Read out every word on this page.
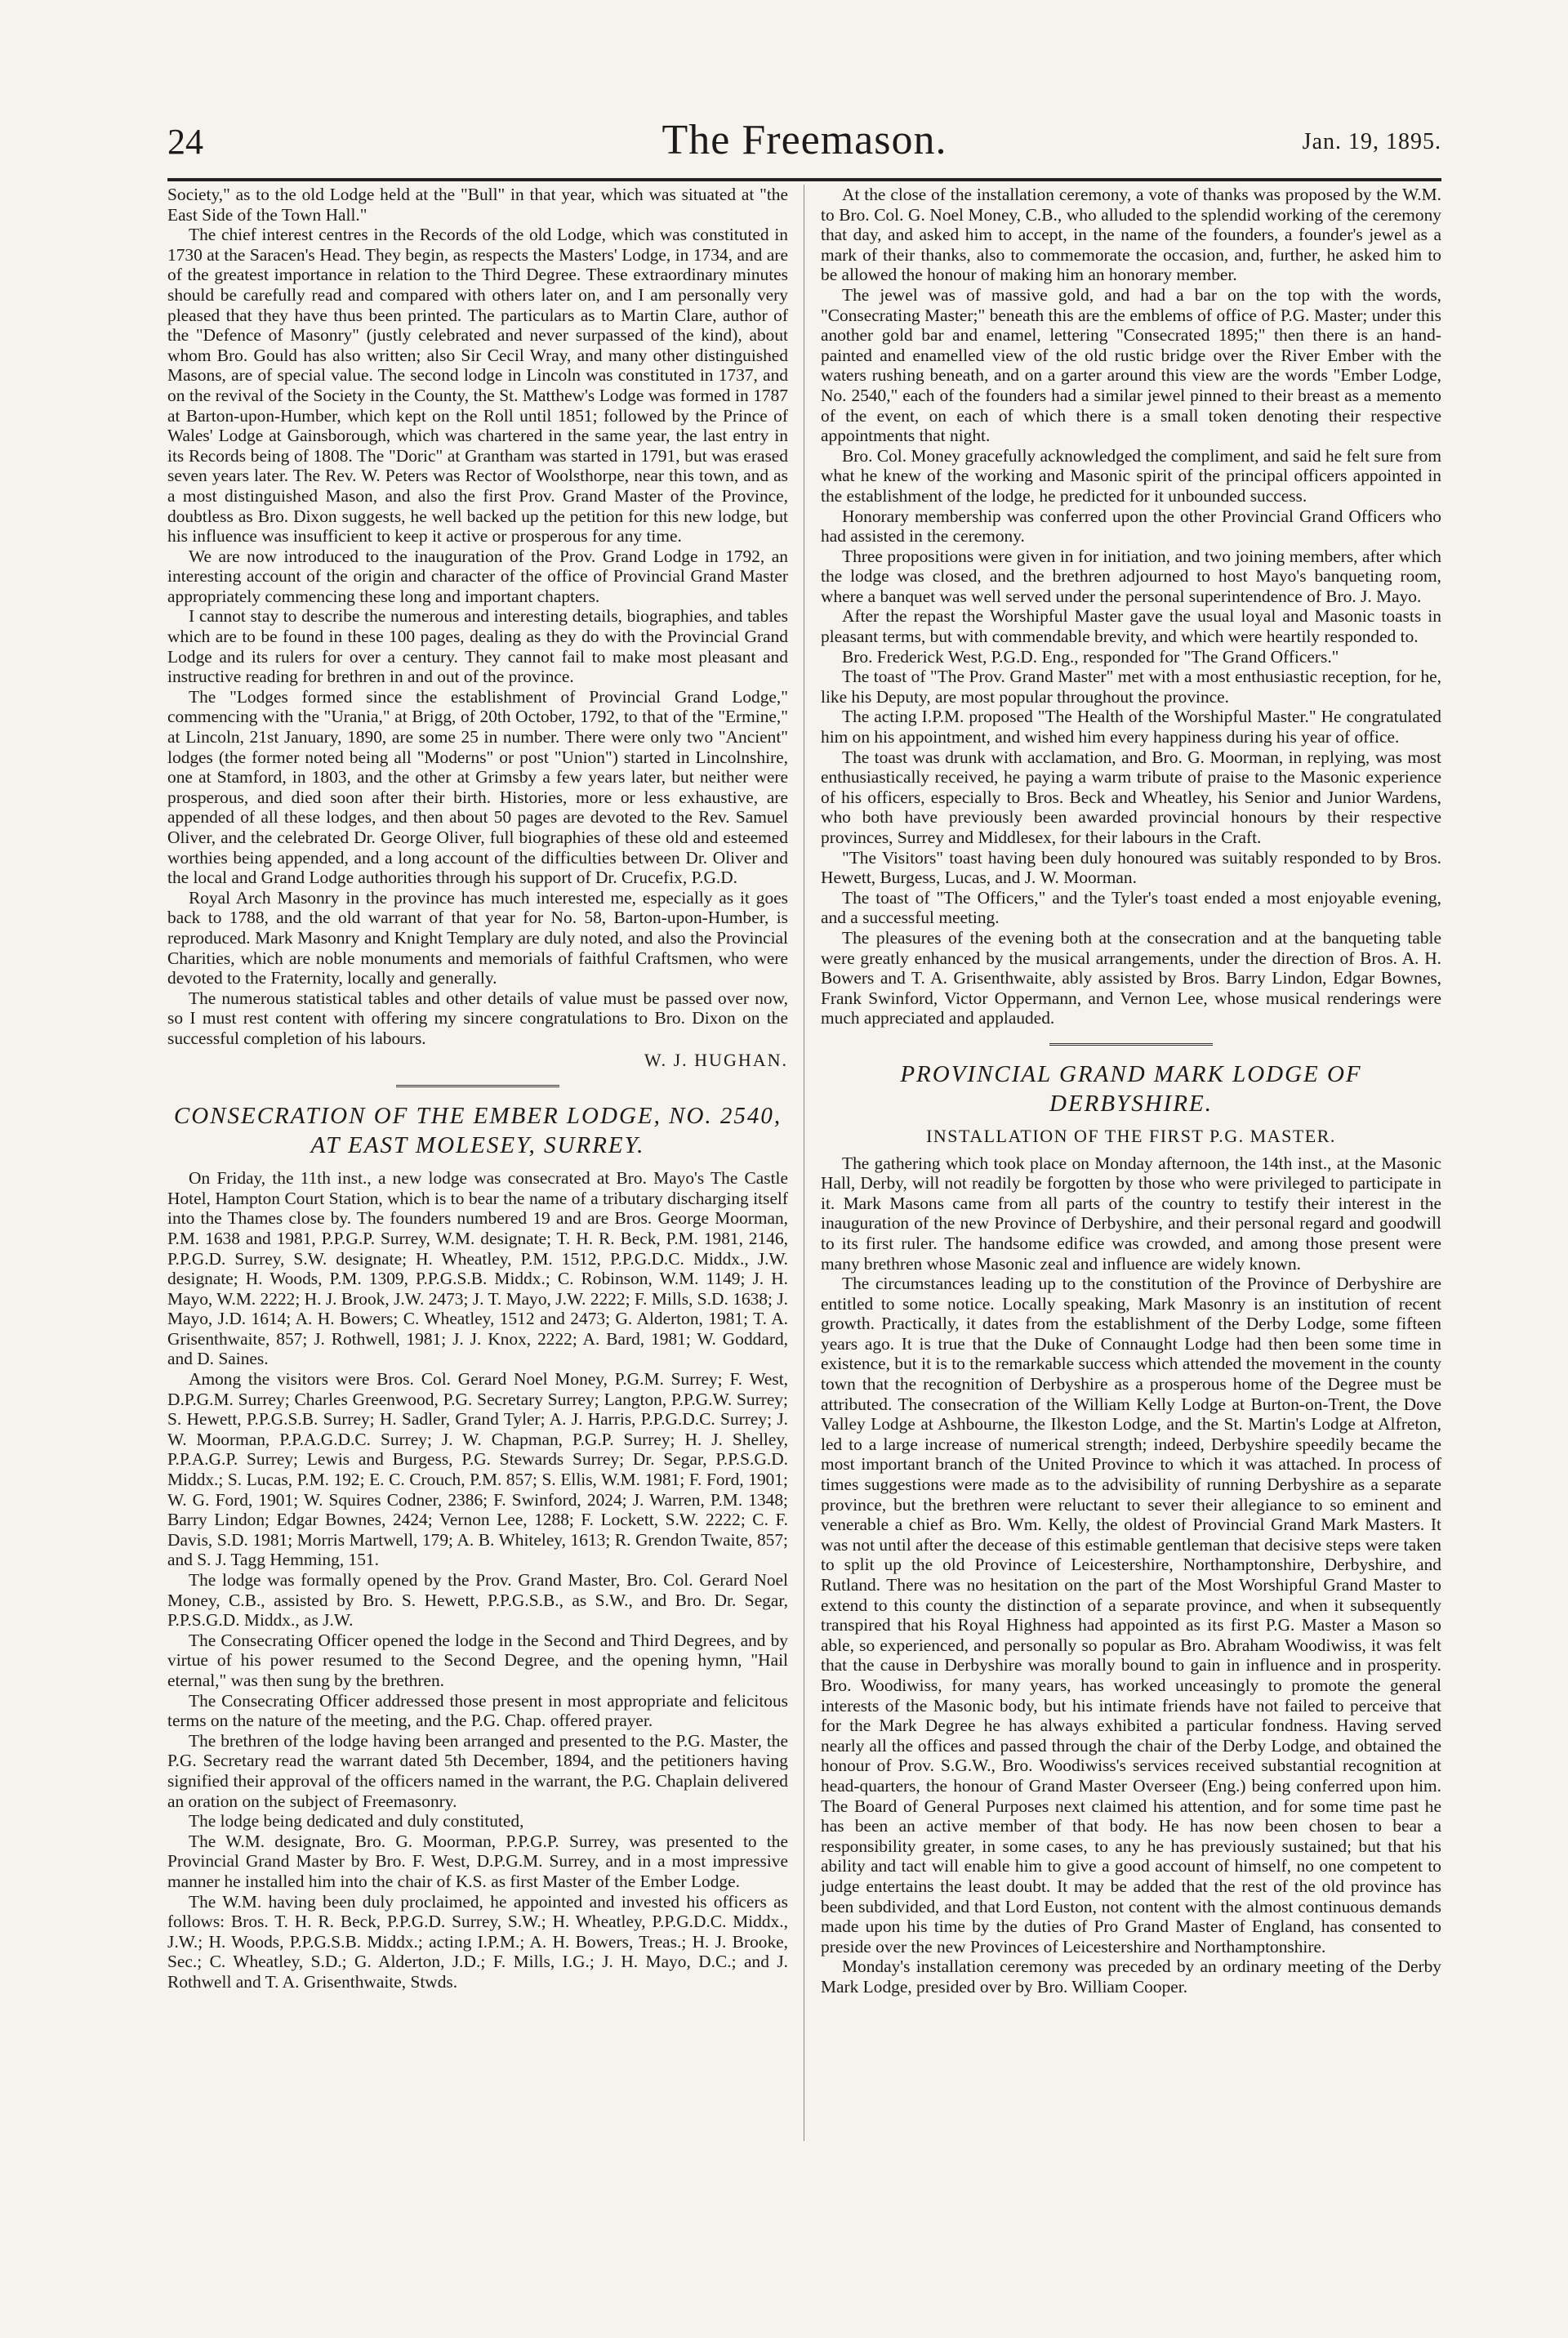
24	The Freemason.	Jan. 19, 1895.

Society," as to the old Lodge held at the "Bull" in that year, which was situated at "the East Side of the Town Hall."

The chief interest centres in the Records of the old Lodge, which was constituted in 1730 at the Saracen's Head. They begin, as respects the Masters' Lodge, in 1734, and are of the greatest importance in relation to the Third Degree. These extraordinary minutes should be carefully read and compared with others later on, and I am personally very pleased that they have thus been printed. The particulars as to Martin Clare, author of the "Defence of Masonry" (justly celebrated and never surpassed of the kind), about whom Bro. Gould has also written; also Sir Cecil Wray, and many other distinguished Masons, are of special value. The second lodge in Lincoln was constituted in 1737, and on the revival of the Society in the County, the St. Matthew's Lodge was formed in 1787 at Barton-upon-Humber, which kept on the Roll until 1851; followed by the Prince of Wales' Lodge at Gainsborough, which was chartered in the same year, the last entry in its Records being of 1808. The "Doric" at Grantham was started in 1791, but was erased seven years later. The Rev. W. Peters was Rector of Woolsthorpe, near this town, and as a most distinguished Mason, and also the first Prov. Grand Master of the Province, doubtless as Bro. Dixon suggests, he well backed up the petition for this new lodge, but his influence was insufficient to keep it active or prosperous for any time.

We are now introduced to the inauguration of the Prov. Grand Lodge in 1792, an interesting account of the origin and character of the office of Provincial Grand Master appropriately commencing these long and important chapters.

I cannot stay to describe the numerous and interesting details, biographies, and tables which are to be found in these 100 pages, dealing as they do with the Provincial Grand Lodge and its rulers for over a century. They cannot fail to make most pleasant and instructive reading for brethren in and out of the province.

The "Lodges formed since the establishment of Provincial Grand Lodge," commencing with the "Urania," at Brigg, of 20th October, 1792, to that of the "Ermine," at Lincoln, 21st January, 1890, are some 25 in number. There were only two "Ancient" lodges (the former noted being all "Moderns" or post "Union") started in Lincolnshire, one at Stamford, in 1803, and the other at Grimsby a few years later, but neither were prosperous, and died soon after their birth. Histories, more or less exhaustive, are appended of all these lodges, and then about 50 pages are devoted to the Rev. Samuel Oliver, and the celebrated Dr. George Oliver, full biographies of these old and esteemed worthies being appended, and a long account of the difficulties between Dr. Oliver and the local and Grand Lodge authorities through his support of Dr. Crucefix, P.G.D.

Royal Arch Masonry in the province has much interested me, especially as it goes back to 1788, and the old warrant of that year for No. 58, Barton-upon-Humber, is reproduced. Mark Masonry and Knight Templary are duly noted, and also the Provincial Charities, which are noble monuments and memorials of faithful Craftsmen, who were devoted to the Fraternity, locally and generally.

The numerous statistical tables and other details of value must be passed over now, so I must rest content with offering my sincere congratulations to Bro. Dixon on the successful completion of his labours.

W. J. HUGHAN.
CONSECRATION OF THE EMBER LODGE, NO. 2540,
AT EAST MOLESEY, SURREY.

On Friday, the 11th inst., a new lodge was consecrated at Bro. Mayo's The Castle Hotel, Hampton Court Station, which is to bear the name of a tributary discharging itself into the Thames close by. The founders numbered 19 and are Bros. George Moorman, P.M. 1638 and 1981, P.P.G.P. Surrey, W.M. designate; T. H. R. Beck, P.M. 1981, 2146, P.P.G.D. Surrey, S.W. designate; H. Wheatley, P.M. 1512, P.P.G.D.C. Middx., J.W. designate; H. Woods, P.M. 1309, P.P.G.S.B. Middx.; C. Robinson, W.M. 1149; J. H. Mayo, W.M. 2222; H. J. Brook, J.W. 2473; J. T. Mayo, J.W. 2222; F. Mills, S.D. 1638; J. Mayo, J.D. 1614; A. H. Bowers; C. Wheatley, 1512 and 2473; G. Alderton, 1981; T. A. Grisenthwaite, 857; J. Rothwell, 1981; J. J. Knox, 2222; A. Bard, 1981; W. Goddard, and D. Saines.

Among the visitors were Bros. Col. Gerard Noel Money, P.G.M. Surrey; F. West, D.P.G.M. Surrey; Charles Greenwood, P.G. Secretary Surrey; Langton, P.P.G.W. Surrey; S. Hewett, P.P.G.S.B. Surrey; H. Sadler, Grand Tyler; A. J. Harris, P.P.G.D.C. Surrey; J. W. Moorman, P.P.A.G.D.C. Surrey; J. W. Chapman, P.G.P. Surrey; H. J. Shelley, P.P.A.G.P. Surrey; Lewis and Burgess, P.G. Stewards Surrey; Dr. Segar, P.P.S.G.D. Middx.; S. Lucas, P.M. 192; E. C. Crouch, P.M. 857; S. Ellis, W.M. 1981; F. Ford, 1901; W. G. Ford, 1901; W. Squires Codner, 2386; F. Swinford, 2024; J. Warren, P.M. 1348; Barry Lindon; Edgar Bownes, 2424; Vernon Lee, 1288; F. Lockett, S.W. 2222; C. F. Davis, S.D. 1981; Morris Martwell, 179; A. B. Whiteley, 1613; R. Grendon Twaite, 857; and S. J. Tagg Hemming, 151.

The lodge was formally opened by the Prov. Grand Master, Bro. Col. Gerard Noel Money, C.B., assisted by Bro. S. Hewett, P.P.G.S.B., as S.W., and Bro. Dr. Segar, P.P.S.G.D. Middx., as J.W.

The Consecrating Officer opened the lodge in the Second and Third Degrees, and by virtue of his power resumed to the Second Degree, and the opening hymn, "Hail eternal," was then sung by the brethren.

The Consecrating Officer addressed those present in most appropriate and felicitous terms on the nature of the meeting, and the P.G. Chap. offered prayer.

The brethren of the lodge having been arranged and presented to the P.G. Master, the P.G. Secretary read the warrant dated 5th December, 1894, and the petitioners having signified their approval of the officers named in the warrant, the P.G. Chaplain delivered an oration on the subject of Freemasonry.

The lodge being dedicated and duly constituted,

The W.M. designate, Bro. G. Moorman, P.P.G.P. Surrey, was presented to the Provincial Grand Master by Bro. F. West, D.P.G.M. Surrey, and in a most impressive manner he installed him into the chair of K.S. as first Master of the Ember Lodge.

The W.M. having been duly proclaimed, he appointed and invested his officers as follows: Bros. T. H. R. Beck, P.P.G.D. Surrey, S.W.; H. Wheatley, P.P.G.D.C. Middx., J.W.; H. Woods, P.P.G.S.B. Middx.; acting I.P.M.; A. H. Bowers, Treas.; H. J. Brooke, Sec.; C. Wheatley, S.D.; G. Alderton, J.D.; F. Mills, I.G.; J. H. Mayo, D.C.; and J. Rothwell and T. A. Grisenthwaite, Stwds.

At the close of the installation ceremony, a vote of thanks was proposed by the W.M. to Bro. Col. G. Noel Money, C.B., who alluded to the splendid working of the ceremony that day, and asked him to accept, in the name of the founders, a founder's jewel as a mark of their thanks, also to commemorate the occasion, and, further, he asked him to be allowed the honour of making him an honorary member.

The jewel was of massive gold, and had a bar on the top with the words, "Consecrating Master;" beneath this are the emblems of office of P.G. Master; under this another gold bar and enamel, lettering "Consecrated 1895;" then there is an hand-painted and enamelled view of the old rustic bridge over the River Ember with the waters rushing beneath, and on a garter around this view are the words "Ember Lodge, No. 2540," each of the founders had a similar jewel pinned to their breast as a memento of the event, on each of which there is a small token denoting their respective appointments that night.

Bro. Col. Money gracefully acknowledged the compliment, and said he felt sure from what he knew of the working and Masonic spirit of the principal officers appointed in the establishment of the lodge, he predicted for it unbounded success.

Honorary membership was conferred upon the other Provincial Grand Officers who had assisted in the ceremony.

Three propositions were given in for initiation, and two joining members, after which the lodge was closed, and the brethren adjourned to host Mayo's banqueting room, where a banquet was well served under the personal superintendence of Bro. J. Mayo.

After the repast the Worshipful Master gave the usual loyal and Masonic toasts in pleasant terms, but with commendable brevity, and which were heartily responded to.

Bro. Frederick West, P.G.D. Eng., responded for "The Grand Officers."

The toast of "The Prov. Grand Master" met with a most enthusiastic reception, for he, like his Deputy, are most popular throughout the province.

The acting I.P.M. proposed "The Health of the Worshipful Master." He congratulated him on his appointment, and wished him every happiness during his year of office.

The toast was drunk with acclamation, and Bro. G. Moorman, in replying, was most enthusiastically received, he paying a warm tribute of praise to the Masonic experience of his officers, especially to Bros. Beck and Wheatley, his Senior and Junior Wardens, who both have previously been awarded provincial honours by their respective provinces, Surrey and Middlesex, for their labours in the Craft.

"The Visitors" toast having been duly honoured was suitably responded to by Bros. Hewett, Burgess, Lucas, and J. W. Moorman.

The toast of "The Officers," and the Tyler's toast ended a most enjoyable evening, and a successful meeting.

The pleasures of the evening both at the consecration and at the banqueting table were greatly enhanced by the musical arrangements, under the direction of Bros. A. H. Bowers and T. A. Grisenthwaite, ably assisted by Bros. Barry Lindon, Edgar Bownes, Frank Swinford, Victor Oppermann, and Vernon Lee, whose musical renderings were much appreciated and applauded.

PROVINCIAL GRAND MARK LODGE OF
DERBYSHIRE.
INSTALLATION OF THE FIRST P.G. MASTER.

The gathering which took place on Monday afternoon, the 14th inst., at the Masonic Hall, Derby, will not readily be forgotten by those who were privileged to participate in it. Mark Masons came from all parts of the country to testify their interest in the inauguration of the new Province of Derbyshire, and their personal regard and goodwill to its first ruler. The handsome edifice was crowded, and among those present were many brethren whose Masonic zeal and influence are widely known.

The circumstances leading up to the constitution of the Province of Derbyshire are entitled to some notice. Locally speaking, Mark Masonry is an institution of recent growth. Practically, it dates from the establishment of the Derby Lodge, some fifteen years ago. It is true that the Duke of Connaught Lodge had then been some time in existence, but it is to the remarkable success which attended the movement in the county town that the recognition of Derbyshire as a prosperous home of the Degree must be attributed. The consecration of the William Kelly Lodge at Burton-on-Trent, the Dove Valley Lodge at Ashbourne, the Ilkeston Lodge, and the St. Martin's Lodge at Alfreton, led to a large increase of numerical strength; indeed, Derbyshire speedily became the most important branch of the United Province to which it was attached. In process of times suggestions were made as to the advisibility of running Derbyshire as a separate province, but the brethren were reluctant to sever their allegiance to so eminent and venerable a chief as Bro. Wm. Kelly, the oldest of Provincial Grand Mark Masters. It was not until after the decease of this estimable gentleman that decisive steps were taken to split up the old Province of Leicestershire, Northamptonshire, Derbyshire, and Rutland. There was no hesitation on the part of the Most Worshipful Grand Master to extend to this county the distinction of a separate province, and when it subsequently transpired that his Royal Highness had appointed as its first P.G. Master a Mason so able, so experienced, and personally so popular as Bro. Abraham Woodiwiss, it was felt that the cause in Derbyshire was morally bound to gain in influence and in prosperity. Bro. Woodiwiss, for many years, has worked unceasingly to promote the general interests of the Masonic body, but his intimate friends have not failed to perceive that for the Mark Degree he has always exhibited a particular fondness. Having served nearly all the offices and passed through the chair of the Derby Lodge, and obtained the honour of Prov. S.G.W., Bro. Woodiwiss's services received substantial recognition at head-quarters, the honour of Grand Master Overseer (Eng.) being conferred upon him. The Board of General Purposes next claimed his attention, and for some time past he has been an active member of that body. He has now been chosen to bear a responsibility greater, in some cases, to any he has previously sustained; but that his ability and tact will enable him to give a good account of himself, no one competent to judge entertains the least doubt. It may be added that the rest of the old province has been subdivided, and that Lord Euston, not content with the almost continuous demands made upon his time by the duties of Pro Grand Master of England, has consented to preside over the new Provinces of Leicestershire and Northamptonshire.

Monday's installation ceremony was preceded by an ordinary meeting of the Derby Mark Lodge, presided over by Bro. William Cooper.
